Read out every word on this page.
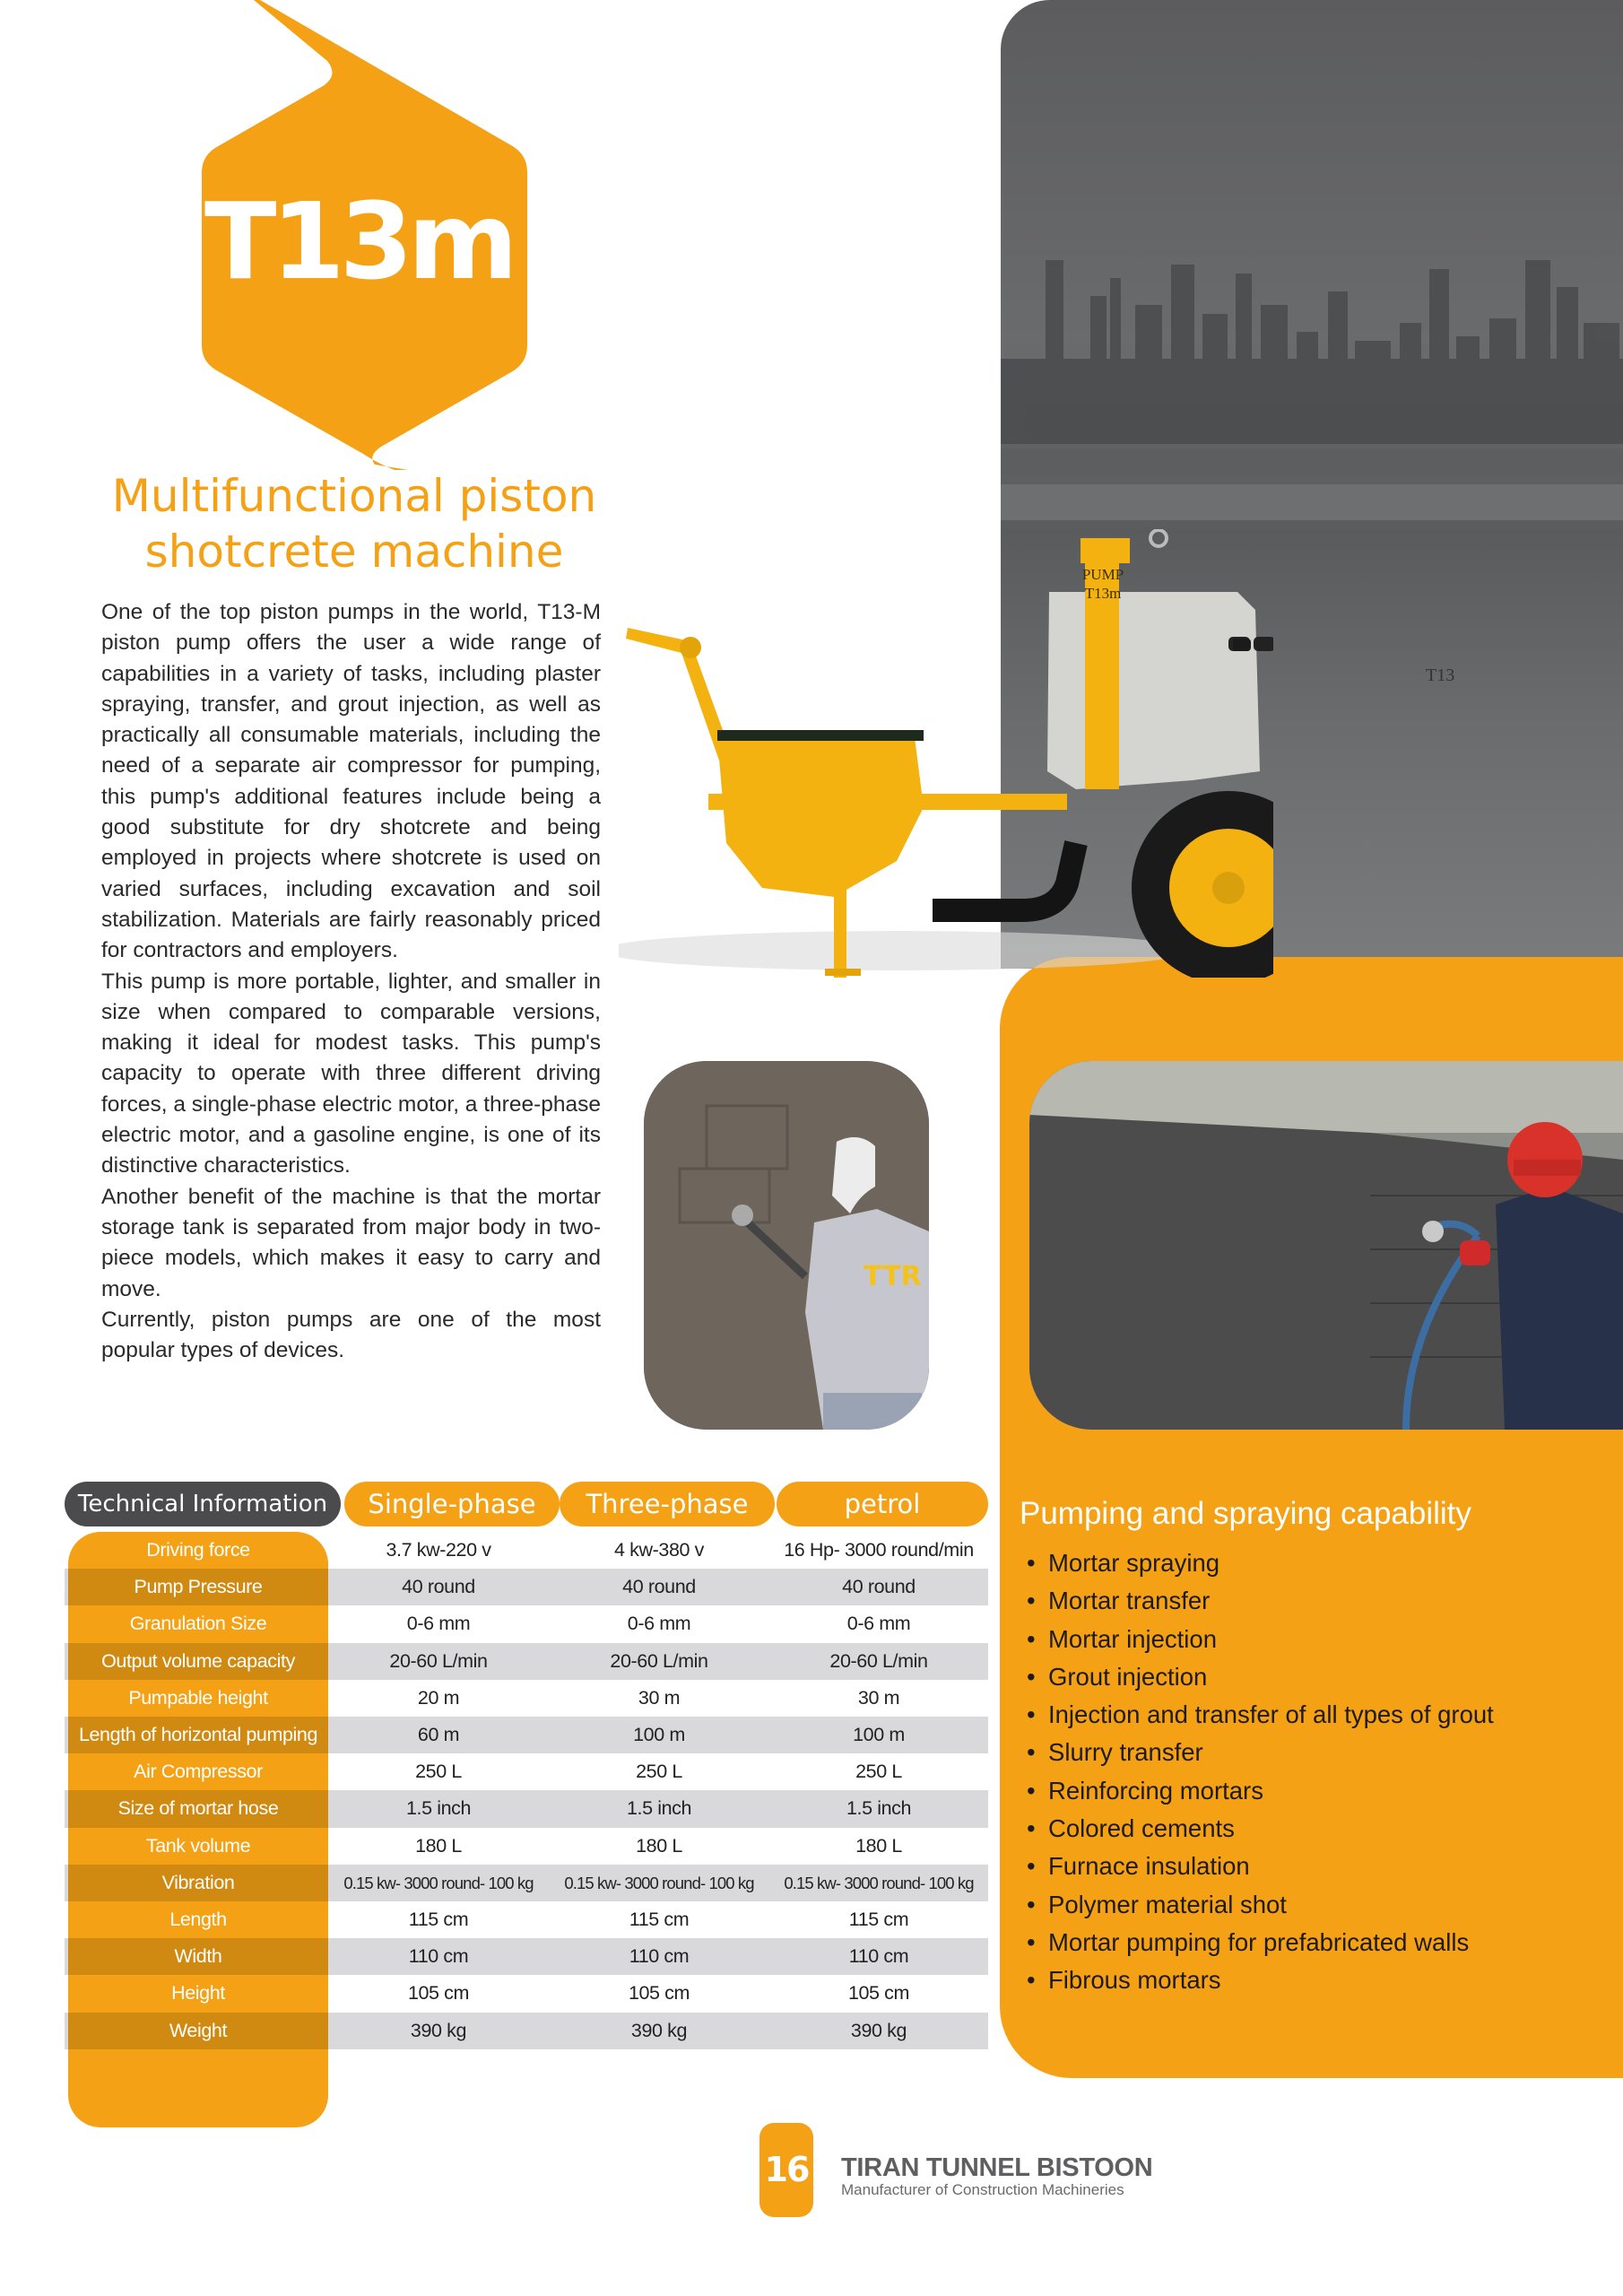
T13m
Multifunctional piston
shotcrete machine

One of the top piston pumps in the world, T13-M piston pump offers the user a wide range of capabilities in a variety of tasks, including plaster spraying, transfer, and grout injection, as well as practically all consumable materials, including the need of a separate air compressor for pumping, this pump's additional features include being a good substitute for dry shotcrete and being employed in projects where shotcrete is used on varied surfaces, including excavation and soil stabilization. Materials are fairly reasonably priced for contractors and employers.

This pump is more portable, lighter, and smaller in size when compared to comparable versions, making it ideal for modest tasks. This pump's capacity to operate with three different driving forces, a single-phase electric motor, a three-phase electric motor, and a gasoline engine, is one of its distinctive characteristics.

Another benefit of the machine is that the mortar storage tank is separated from major body in two-piece models, which makes it easy to carry and move.

Currently, piston pumps are one of the most popular types of devices.

PUMP
T13m
T13
TTR
Technical Information	Single-phase	Three-phase	petrol
Driving force	3.7 kw-220 v	4 kw-380 v	16 Hp- 3000 round/min
Pump Pressure	40 round	40 round	40 round
Granulation Size	0-6 mm	0-6 mm	0-6 mm
Output volume capacity	20-60 L/min	20-60 L/min	20-60 L/min
Pumpable height	20 m	30 m	30 m
Length of horizontal pumping	60 m	100 m	100 m
Air Compressor	250 L	250 L	250 L
Size of mortar hose	1.5 inch	1.5 inch	1.5 inch
Tank volume	180 L	180 L	180 L
Vibration	0.15 kw- 3000 round- 100 kg	0.15 kw- 3000 round- 100 kg	0.15 kw- 3000 round- 100 kg
Length	115 cm	115 cm	115 cm
Width	110 cm	110 cm	110 cm
Height	105 cm	105 cm	105 cm
Weight	390 kg	390 kg	390 kg
Pumping and spraying capability
• Mortar spraying
• Mortar transfer
• Mortar injection
• Grout injection
• Injection and transfer of all types of grout
• Slurry transfer
• Reinforcing mortars
• Colored cements
• Furnace insulation
• Polymer material shot
• Mortar pumping for prefabricated walls
• Fibrous mortars
16 TIRAN TUNNEL BISTOON
Manufacturer of Construction Machineries
